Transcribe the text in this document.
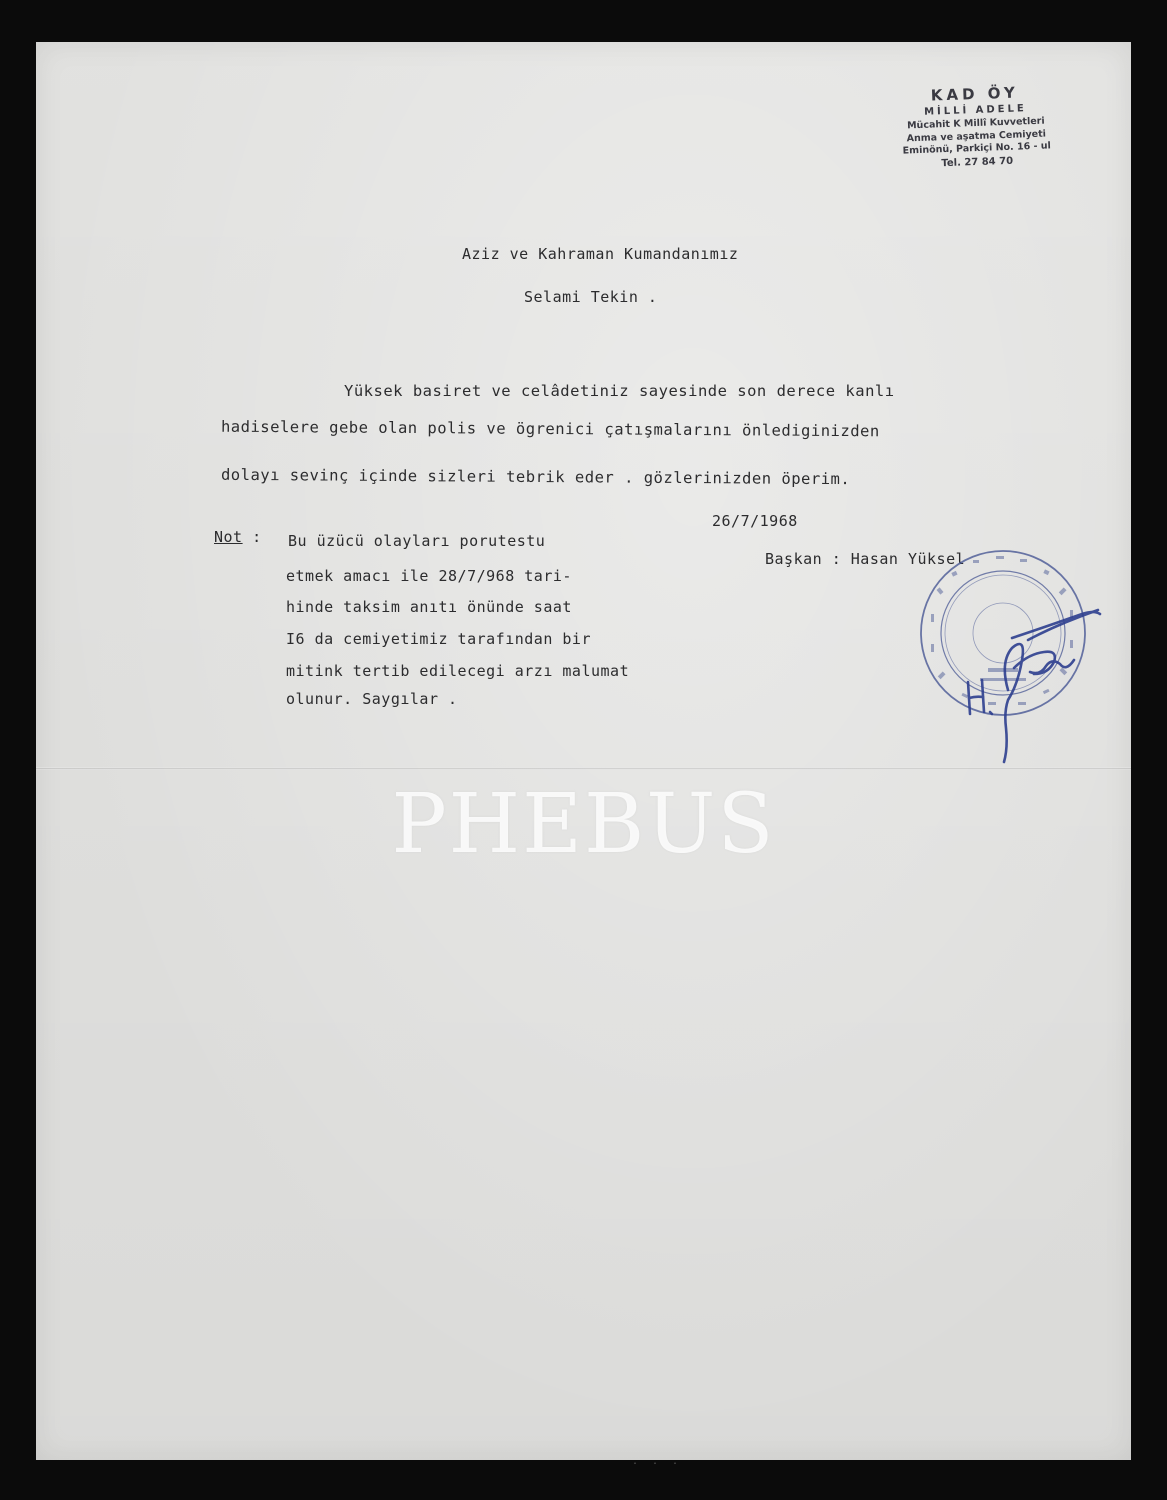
KAD ÖY
MİLLİ ADELE
Mücahit K Millî Kuvvetleri
Anma ve aşatma Cemiyeti
Eminönü, Parkiçi No. 16 - ul
Tel. 27 84 70
Aziz ve Kahraman Kumandanımız
Selami Tekin .
Yüksek basiret ve celâdetiniz sayesinde son derece kanlı
hadiselere gebe olan polis ve ögrenici çatışmalarını önlediginizden
dolayı sevinç içinde sizleri tebrik eder . gözlerinizden öperim.
26/7/1968
Başkan : Hasan Yüksel
Not : Bu üzücü olayları porutestu
etmek amacı ile 28/7/968 tari-
hinde taksim anıtı önünde saat
I6 da cemiyetimiz tarafından bir
mitink tertib edilecegi arzı malumat
olunur. Saygılar .
PHEBUS
...
